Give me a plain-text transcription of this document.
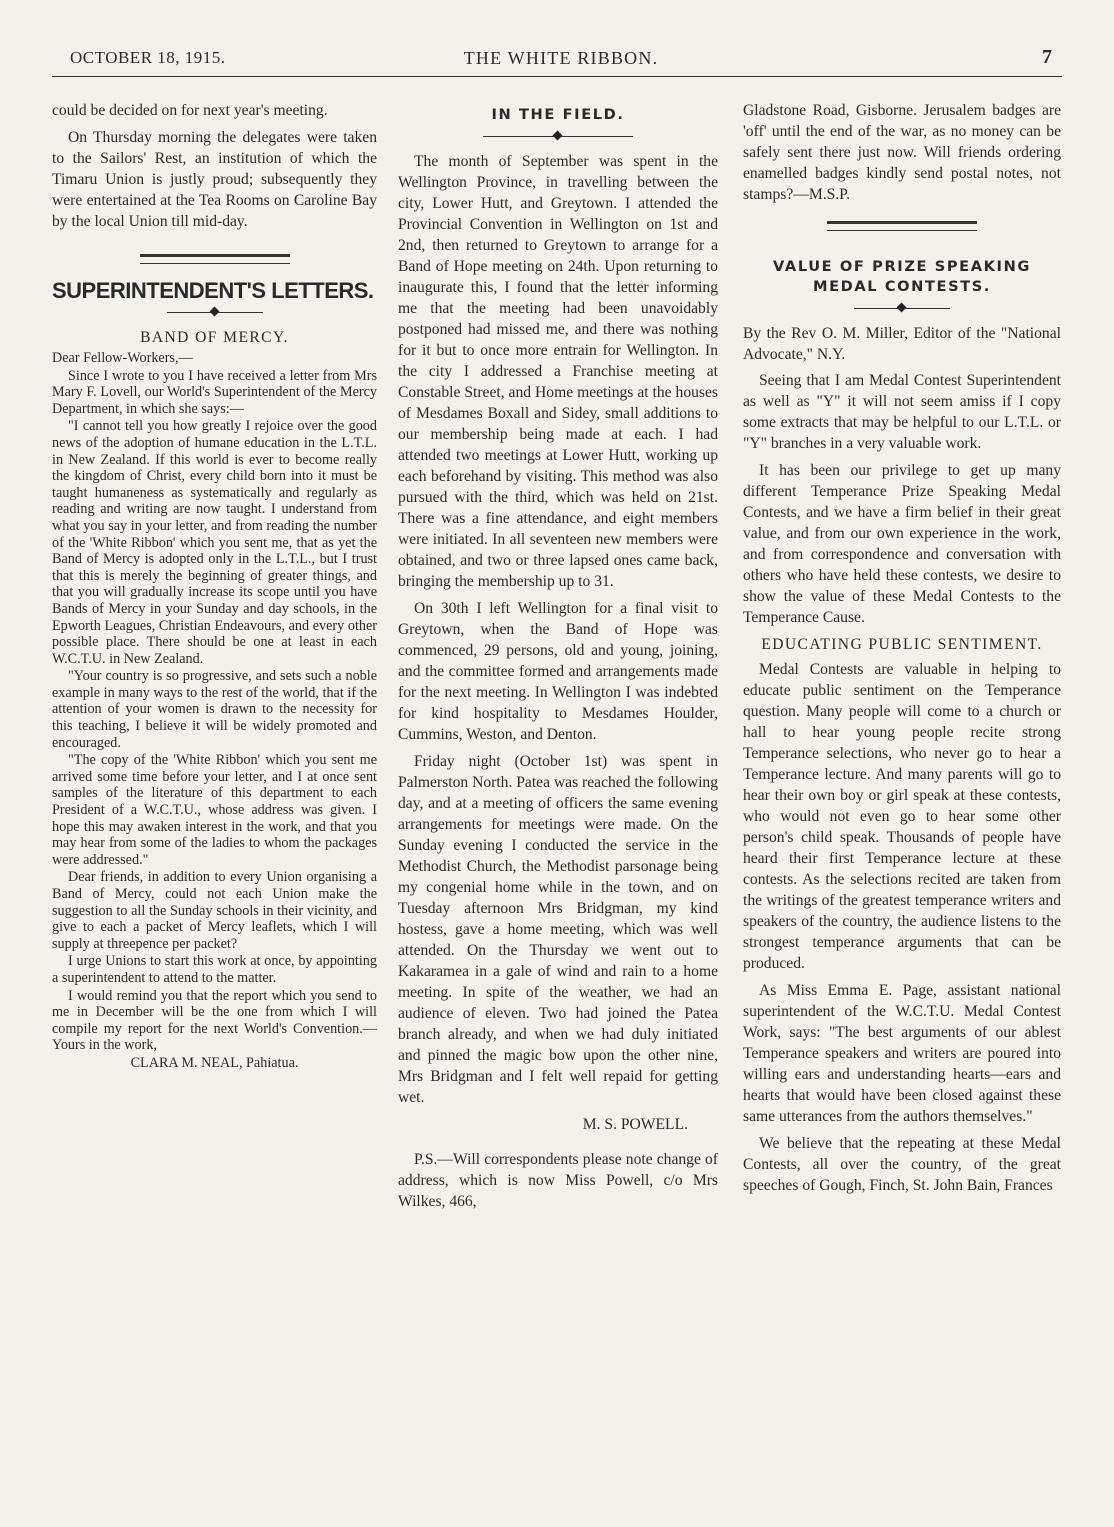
OCTOBER 18, 1915.	THE WHITE RIBBON.	7

could be decided on for next year's meeting.

On Thursday morning the delegates were taken to the Sailors' Rest, an institution of which the Timaru Union is justly proud; subsequently they were entertained at the Tea Rooms on Caroline Bay by the local Union till mid-day.

SUPERINTENDENT'S LETTERS.
BAND OF MERCY.

Dear Fellow-Workers,—

Since I wrote to you I have received a letter from Mrs Mary F. Lovell, our World's Superintendent of the Mercy Department, in which she says:—

"I cannot tell you how greatly I rejoice over the good news of the adoption of humane education in the L.T.L. in New Zealand. If this world is ever to become really the kingdom of Christ, every child born into it must be taught humaneness as systematically and regularly as reading and writing are now taught. I understand from what you say in your letter, and from reading the number of the 'White Ribbon' which you sent me, that as yet the Band of Mercy is adopted only in the L.T.L., but I trust that this is merely the beginning of greater things, and that you will gradually increase its scope until you have Bands of Mercy in your Sunday and day schools, in the Epworth Leagues, Christian Endeavours, and every other possible place. There should be one at least in each W.C.T.U. in New Zealand.

"Your country is so progressive, and sets such a noble example in many ways to the rest of the world, that if the attention of your women is drawn to the necessity for this teaching, I believe it will be widely promoted and encouraged.

"The copy of the 'White Ribbon' which you sent me arrived some time before your letter, and I at once sent samples of the literature of this department to each President of a W.C.T.U., whose address was given. I hope this may awaken interest in the work, and that you may hear from some of the ladies to whom the packages were addressed."

Dear friends, in addition to every Union organising a Band of Mercy, could not each Union make the suggestion to all the Sunday schools in their vicinity, and give to each a packet of Mercy leaflets, which I will supply at threepence per packet?

I urge Unions to start this work at once, by appointing a superintendent to attend to the matter.

I would remind you that the report which you send to me in December will be the one from which I will compile my report for the next World's Convention.—Yours in the work,

CLARA M. NEAL, Pahiatua.

IN THE FIELD.

The month of September was spent in the Wellington Province, in travelling between the city, Lower Hutt, and Greytown. I attended the Provincial Convention in Wellington on 1st and 2nd, then returned to Greytown to arrange for a Band of Hope meeting on 24th. Upon returning to inaugurate this, I found that the letter informing me that the meeting had been unavoidably postponed had missed me, and there was nothing for it but to once more entrain for Wellington. In the city I addressed a Franchise meeting at Constable Street, and Home meetings at the houses of Mesdames Boxall and Sidey, small additions to our membership being made at each. I had attended two meetings at Lower Hutt, working up each beforehand by visiting. This method was also pursued with the third, which was held on 21st. There was a fine attendance, and eight members were initiated. In all seventeen new members were obtained, and two or three lapsed ones came back, bringing the membership up to 31.

On 30th I left Wellington for a final visit to Greytown, when the Band of Hope was commenced, 29 persons, old and young, joining, and the committee formed and arrangements made for the next meeting. In Wellington I was indebted for kind hospitality to Mesdames Houlder, Cummins, Weston, and Denton.

Friday night (October 1st) was spent in Palmerston North. Patea was reached the following day, and at a meeting of officers the same evening arrangements for meetings were made. On the Sunday evening I conducted the service in the Methodist Church, the Methodist parsonage being my congenial home while in the town, and on Tuesday afternoon Mrs Bridgman, my kind hostess, gave a home meeting, which was well attended. On the Thursday we went out to Kakaramea in a gale of wind and rain to a home meeting. In spite of the weather, we had an audience of eleven. Two had joined the Patea branch already, and when we had duly initiated and pinned the magic bow upon the other nine, Mrs Bridgman and I felt well repaid for getting wet.

M. S. POWELL.

P.S.—Will correspondents please note change of address, which is now Miss Powell, c/o Mrs Wilkes, 466,

Gladstone Road, Gisborne. Jerusalem badges are 'off' until the end of the war, as no money can be safely sent there just now. Will friends ordering enamelled badges kindly send postal notes, not stamps?—M.S.P.

VALUE OF PRIZE SPEAKING MEDAL CONTESTS.

By the Rev O. M. Miller, Editor of the "National Advocate," N.Y.

Seeing that I am Medal Contest Superintendent as well as "Y" it will not seem amiss if I copy some extracts that may be helpful to our L.T.L. or "Y" branches in a very valuable work.

It has been our privilege to get up many different Temperance Prize Speaking Medal Contests, and we have a firm belief in their great value, and from our own experience in the work, and from correspondence and conversation with others who have held these contests, we desire to show the value of these Medal Contests to the Temperance Cause.

EDUCATING PUBLIC SENTIMENT.

Medal Contests are valuable in helping to educate public sentiment on the Temperance question. Many people will come to a church or hall to hear young people recite strong Temperance selections, who never go to hear a Temperance lecture. And many parents will go to hear their own boy or girl speak at these contests, who would not even go to hear some other person's child speak. Thousands of people have heard their first Temperance lecture at these contests. As the selections recited are taken from the writings of the greatest temperance writers and speakers of the country, the audience listens to the strongest temperance arguments that can be produced.

As Miss Emma E. Page, assistant national superintendent of the W.C.T.U. Medal Contest Work, says: "The best arguments of our ablest Temperance speakers and writers are poured into willing ears and understanding hearts—ears and hearts that would have been closed against these same utterances from the authors themselves."

We believe that the repeating at these Medal Contests, all over the country, of the great speeches of Gough, Finch, St. John Bain, Frances
